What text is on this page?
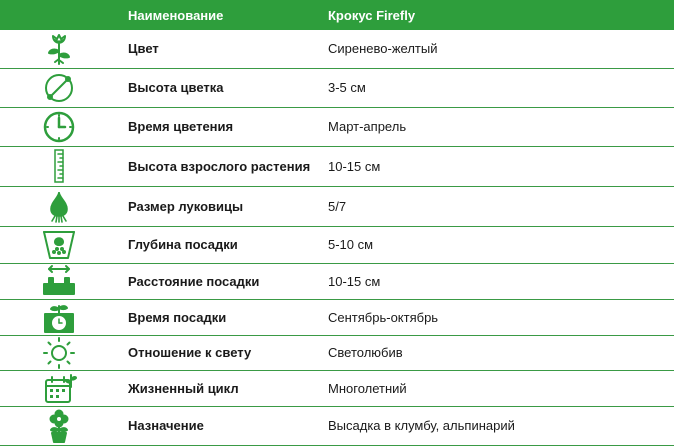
	Наименование	Крокус Firefly

	Цвет	Сиренево-желтый

	Высота цветка	3-5 см

	Время цветения	Март-апрель

	Высота взрослого растения	10-15 см

	Размер луковицы	5/7

	Глубина посадки	5-10 см

	Расстояние посадки	10-15 см

	Время посадки	Сентябрь-октябрь

	Отношение к свету	Светолюбив

	Жизненный цикл	Многолетний

	Назначение	Высадка в клумбу, альпинарий
